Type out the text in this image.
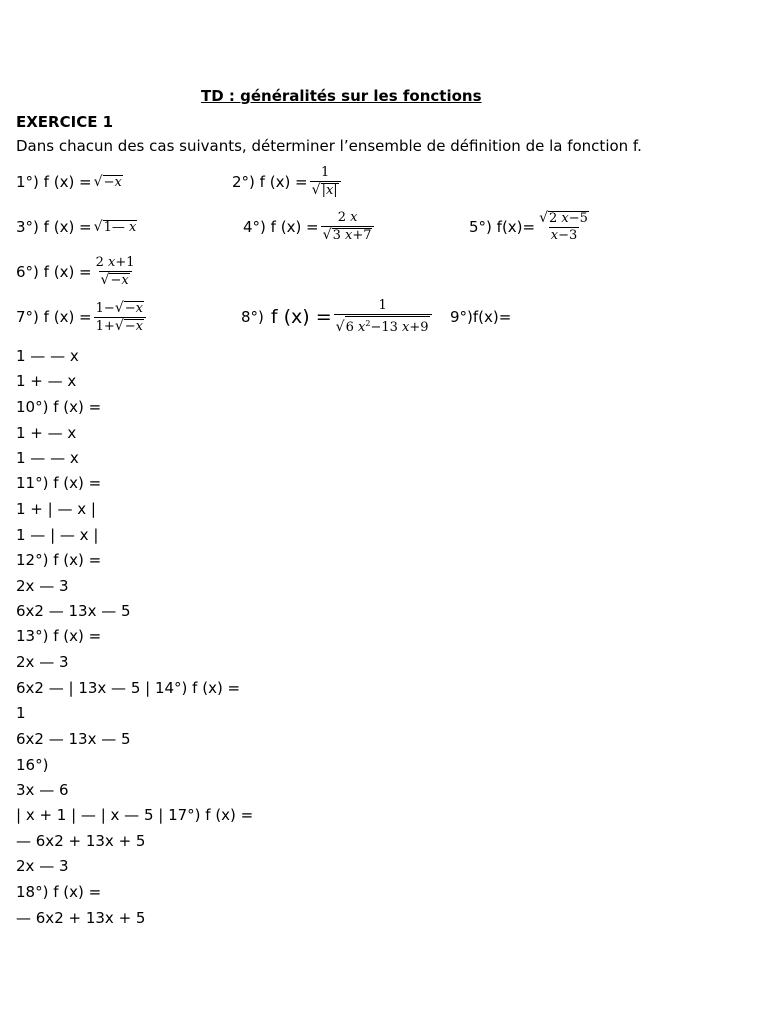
TD : généralités sur les fonctions
EXERCICE 1
Dans chacun des cas suivants, déterminer l’ensemble de définition de la fonction f.
1°) f (x) = √ −x	2°) f $(x) = \frac{1}{√ |x|}$
3°) f (x) = √ 1— x	4°) f $(x) = \frac{2 x}{√ 3 x+7}$	5°) $f(x)= \frac{√ 2 x-5}{x-3}$
6°) f $(x) = \frac{2 x+1}{√ -x}$
7°) f $(x) = \frac{1- √ -x}{1+ √ -x}$	8°) f $(x) = \frac{1}{√ 6 x^2-13 x+9} 9^\circ)f(x)=$
1 — — x
1 + — x
10°) f (x) =
1 + — x
1 — — x
11°) f (x) =
1 + | — x |
1 — | — x |
12°) f (x) =
2x — 3
6x2 — 13x — 5
13°) f (x) =
2x — 3
6x2 — | 13x — 5 | 14°) f (x) =
1
6x2 — 13x — 5
16°)
3x — 6
| x + 1 | — | x — 5 | 17°) f (x) =
— 6x2 + 13x + 5
2x — 3
18°) f (x) =
— 6x2 + 13x + 5
